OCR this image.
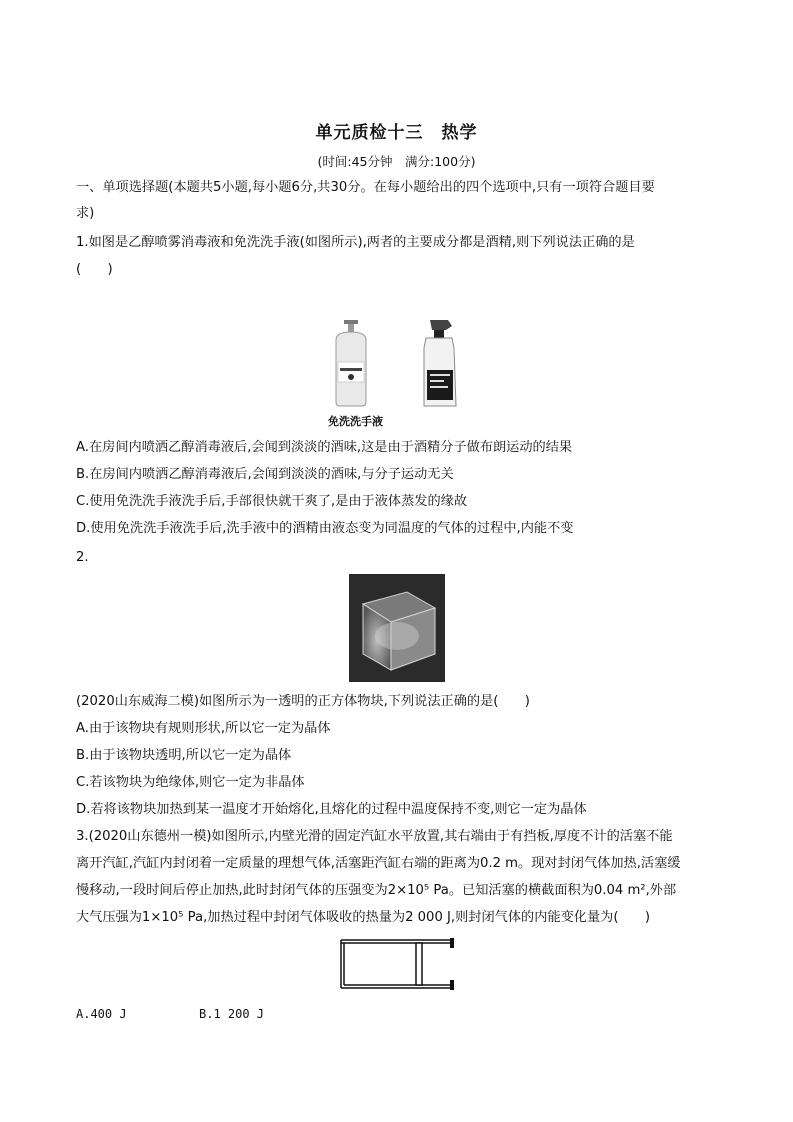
单元质检十三　热学
(时间:45分钟　满分:100分)
一、单项选择题(本题共5小题,每小题6分,共30分。在每小题给出的四个选项中,只有一项符合题目要
求)
1.如图是乙醇喷雾消毒液和免洗洗手液(如图所示),两者的主要成分都是酒精,则下列说法正确的是
(　　)
免洗洗手液
A.在房间内喷洒乙醇消毒液后,会闻到淡淡的酒味,这是由于酒精分子做布朗运动的结果
B.在房间内喷洒乙醇消毒液后,会闻到淡淡的酒味,与分子运动无关
C.使用免洗洗手液洗手后,手部很快就干爽了,是由于液体蒸发的缘故
D.使用免洗洗手液洗手后,洗手液中的酒精由液态变为同温度的气体的过程中,内能不变
2.
(2020山东威海二模)如图所示为一透明的正方体物块,下列说法正确的是(　　)
A.由于该物块有规则形状,所以它一定为晶体
B.由于该物块透明,所以它一定为晶体
C.若该物块为绝缘体,则它一定为非晶体
D.若将该物块加热到某一温度才开始熔化,且熔化的过程中温度保持不变,则它一定为晶体
3.(2020山东德州一模)如图所示,内壁光滑的固定汽缸水平放置,其右端由于有挡板,厚度不计的活塞不能
离开汽缸,汽缸内封闭着一定质量的理想气体,活塞距汽缸右端的距离为0.2 m。现对封闭气体加热,活塞缓
慢移动,一段时间后停止加热,此时封闭气体的压强变为2×10⁵ Pa。已知活塞的横截面积为0.04 m²,外部
大气压强为1×10⁵ Pa,加热过程中封闭气体吸收的热量为2 000 J,则封闭气体的内能变化量为(　　)
A.400 J	B.1 200 J
